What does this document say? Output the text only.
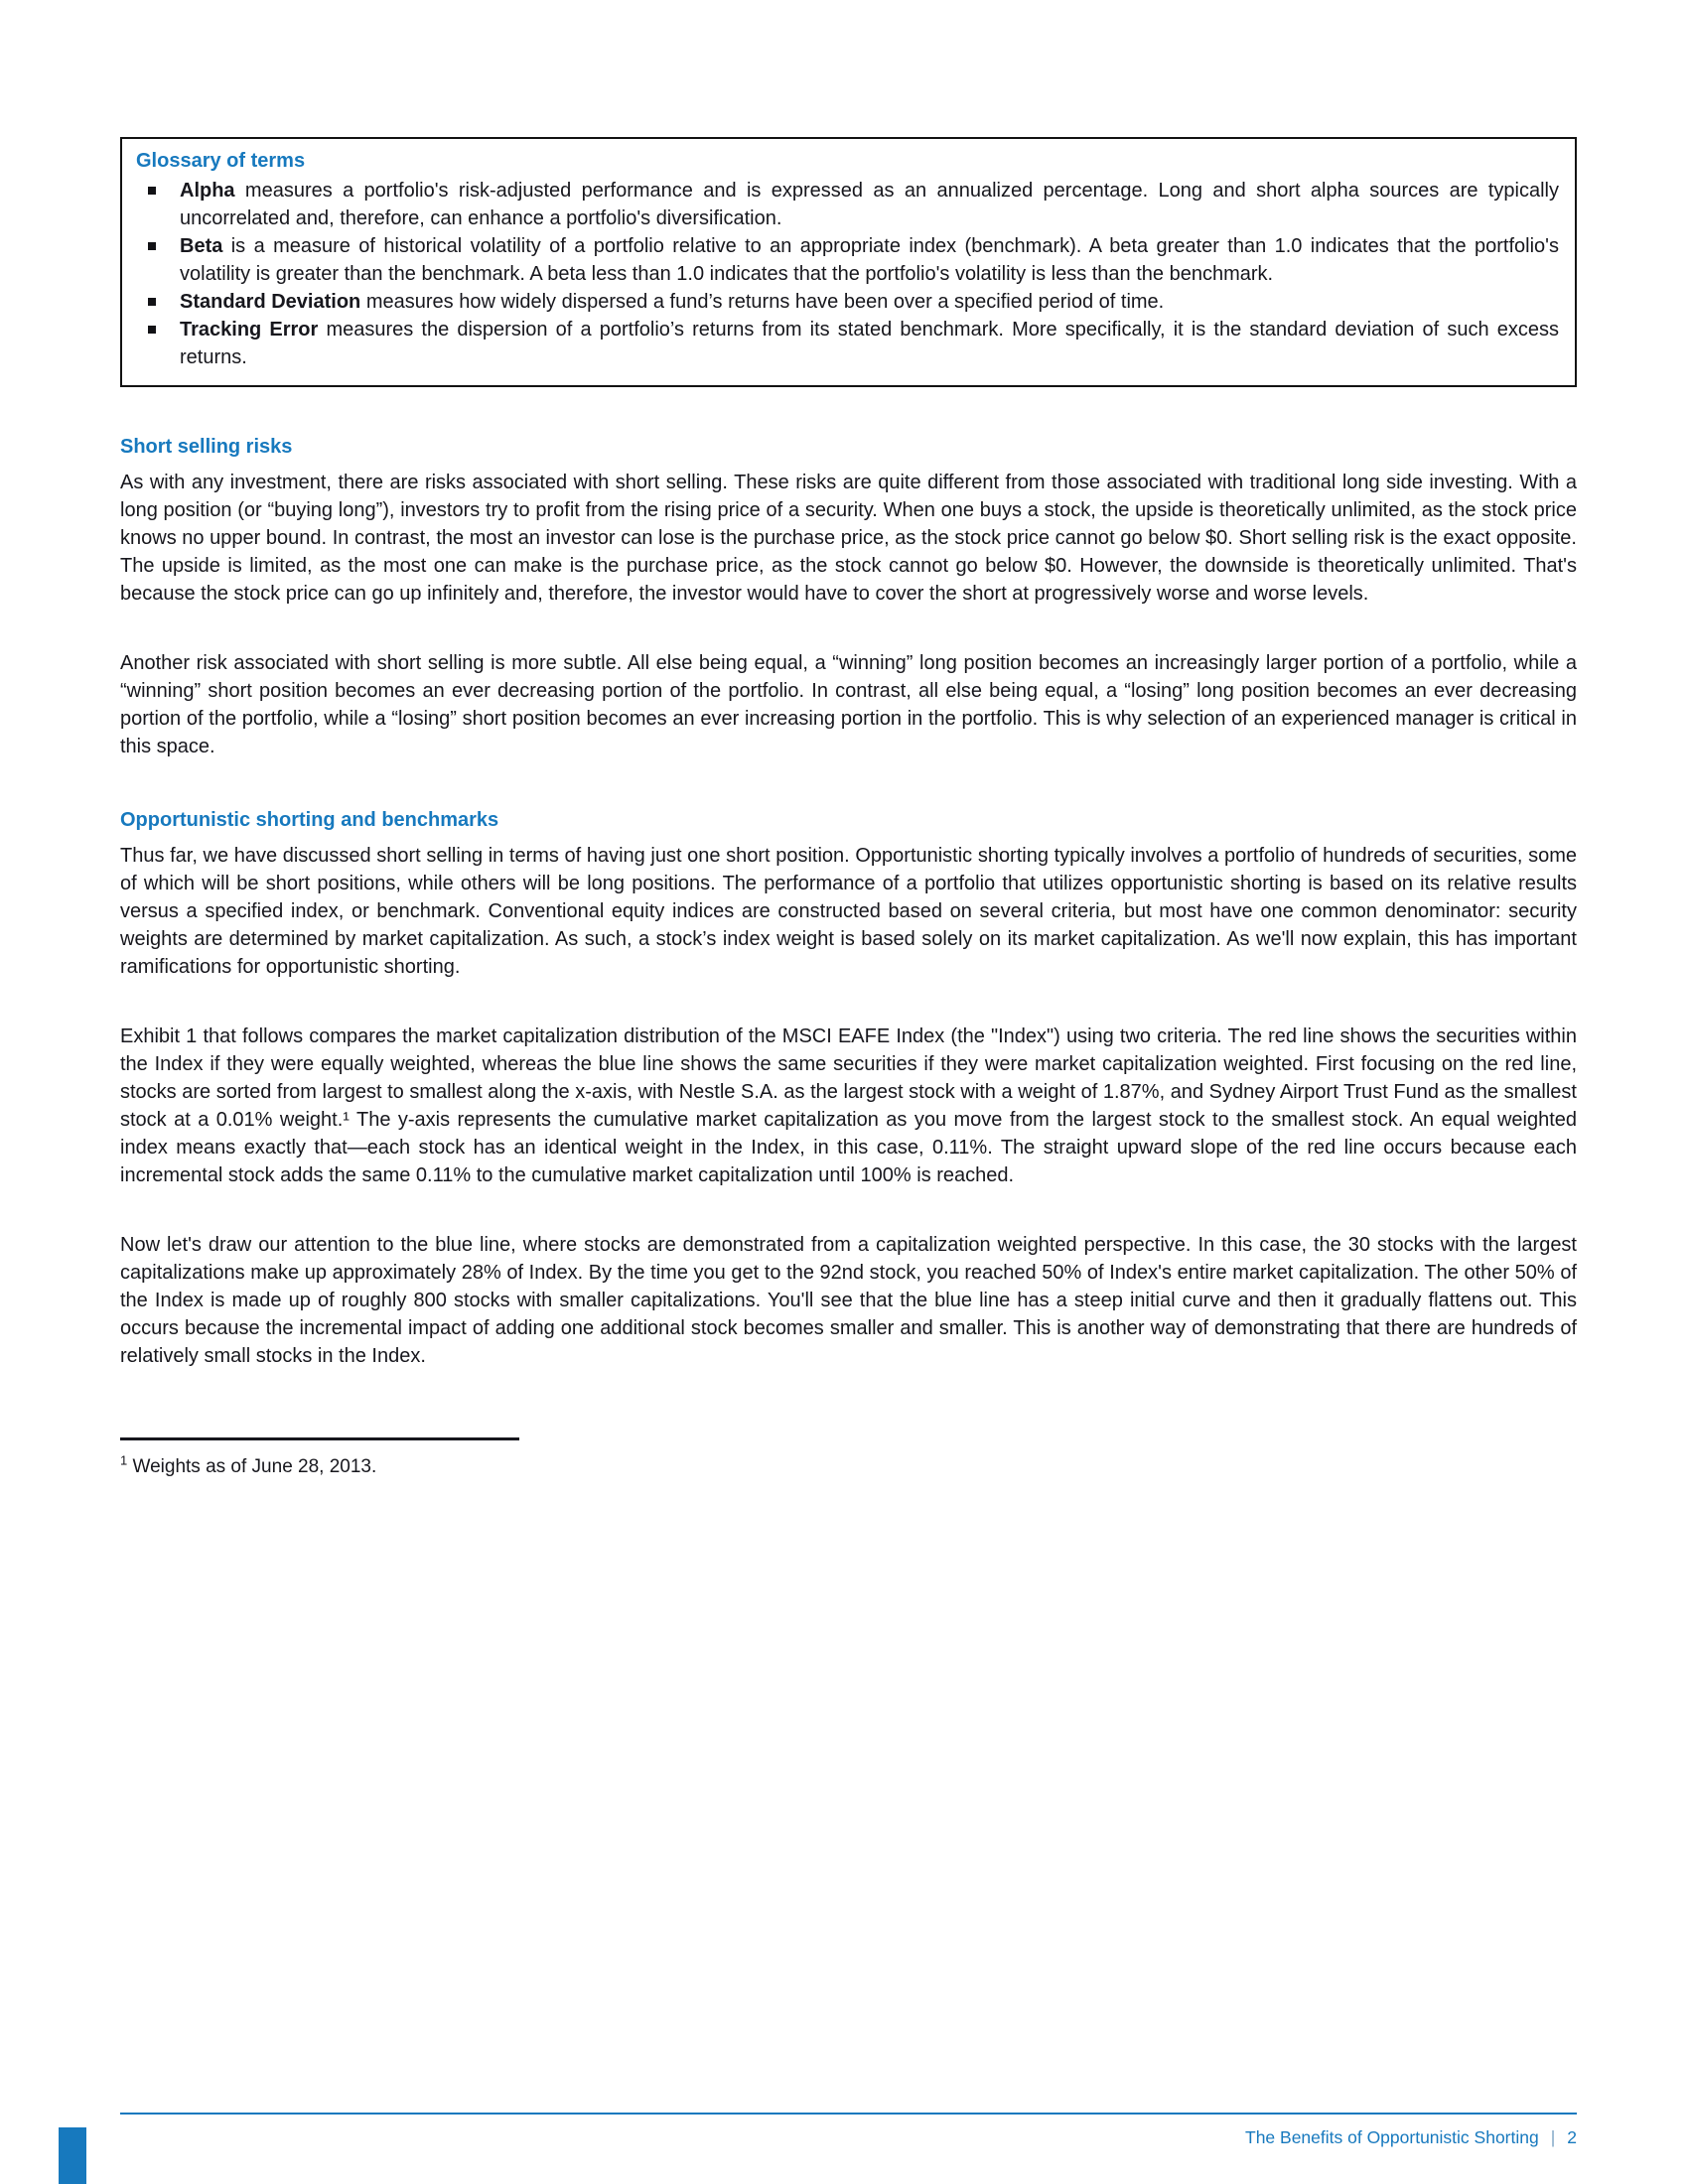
Glossary of terms
Alpha measures a portfolio's risk-adjusted performance and is expressed as an annualized percentage. Long and short alpha sources are typically uncorrelated and, therefore, can enhance a portfolio's diversification.
Beta is a measure of historical volatility of a portfolio relative to an appropriate index (benchmark). A beta greater than 1.0 indicates that the portfolio's volatility is greater than the benchmark. A beta less than 1.0 indicates that the portfolio's volatility is less than the benchmark.
Standard Deviation measures how widely dispersed a fund’s returns have been over a specified period of time.
Tracking Error measures the dispersion of a portfolio’s returns from its stated benchmark. More specifically, it is the standard deviation of such excess returns.
Short selling risks

As with any investment, there are risks associated with short selling. These risks are quite different from those associated with traditional long side investing. With a long position (or “buying long”), investors try to profit from the rising price of a security. When one buys a stock, the upside is theoretically unlimited, as the stock price knows no upper bound. In contrast, the most an investor can lose is the purchase price, as the stock price cannot go below $0. Short selling risk is the exact opposite. The upside is limited, as the most one can make is the purchase price, as the stock cannot go below $0. However, the downside is theoretically unlimited. That's because the stock price can go up infinitely and, therefore, the investor would have to cover the short at progressively worse and worse levels.

Another risk associated with short selling is more subtle. All else being equal, a “winning” long position becomes an increasingly larger portion of a portfolio, while a “winning” short position becomes an ever decreasing portion of the portfolio. In contrast, all else being equal, a “losing” long position becomes an ever decreasing portion of the portfolio, while a “losing” short position becomes an ever increasing portion in the portfolio. This is why selection of an experienced manager is critical in this space.

Opportunistic shorting and benchmarks

Thus far, we have discussed short selling in terms of having just one short position. Opportunistic shorting typically involves a portfolio of hundreds of securities, some of which will be short positions, while others will be long positions. The performance of a portfolio that utilizes opportunistic shorting is based on its relative results versus a specified index, or benchmark. Conventional equity indices are constructed based on several criteria, but most have one common denominator: security weights are determined by market capitalization. As such, a stock’s index weight is based solely on its market capitalization. As we'll now explain, this has important ramifications for opportunistic shorting.

Exhibit 1 that follows compares the market capitalization distribution of the MSCI EAFE Index (the "Index") using two criteria. The red line shows the securities within the Index if they were equally weighted, whereas the blue line shows the same securities if they were market capitalization weighted. First focusing on the red line, stocks are sorted from largest to smallest along the x-axis, with Nestle S.A. as the largest stock with a weight of 1.87%, and Sydney Airport Trust Fund as the smallest stock at a 0.01% weight.¹ The y-axis represents the cumulative market capitalization as you move from the largest stock to the smallest stock. An equal weighted index means exactly that—each stock has an identical weight in the Index, in this case, 0.11%. The straight upward slope of the red line occurs because each incremental stock adds the same 0.11% to the cumulative market capitalization until 100% is reached.

Now let's draw our attention to the blue line, where stocks are demonstrated from a capitalization weighted perspective. In this case, the 30 stocks with the largest capitalizations make up approximately 28% of Index. By the time you get to the 92nd stock, you reached 50% of Index's entire market capitalization. The other 50% of the Index is made up of roughly 800 stocks with smaller capitalizations. You'll see that the blue line has a steep initial curve and then it gradually flattens out. This occurs because the incremental impact of adding one additional stock becomes smaller and smaller. This is another way of demonstrating that there are hundreds of relatively small stocks in the Index.

$^1$ Weights as of June 28, 2013.

The Benefits of Opportunistic Shorting | 2
